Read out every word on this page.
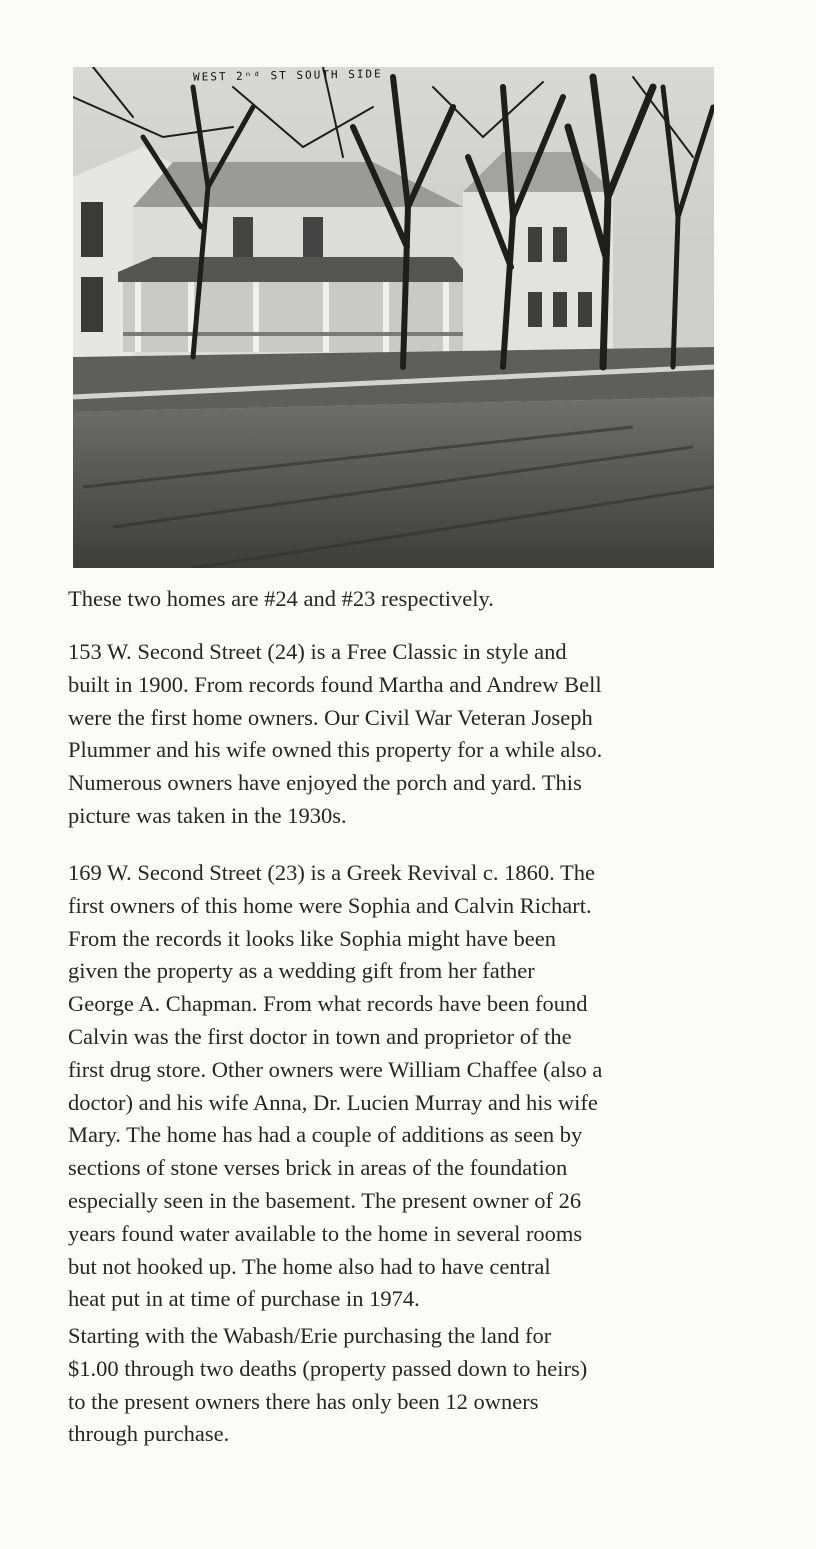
WEST 2ⁿᵈ ST SOUTH SIDE

These two homes are #24 and #23 respectively.

153 W. Second Street (24) is a Free Classic in style and
built in 1900. From records found Martha and Andrew Bell
were the first home owners. Our Civil War Veteran Joseph
Plummer and his wife owned this property for a while also.
Numerous owners have enjoyed the porch and yard. This
picture was taken in the 1930s.

169 W. Second Street (23) is a Greek Revival c. 1860. The
first owners of this home were Sophia and Calvin Richart.
From the records it looks like Sophia might have been
given the property as a wedding gift from her father
George A. Chapman. From what records have been found
Calvin was the first doctor in town and proprietor of the
first drug store. Other owners were William Chaffee (also a
doctor) and his wife Anna, Dr. Lucien Murray and his wife
Mary. The home has had a couple of additions as seen by
sections of stone verses brick in areas of the foundation
especially seen in the basement. The present owner of 26
years found water available to the home in several rooms
but not hooked up. The home also had to have central
heat put in at time of purchase in 1974.

Starting with the Wabash/Erie purchasing the land for
$1.00 through two deaths (property passed down to heirs)
to the present owners there has only been 12 owners
through purchase.
